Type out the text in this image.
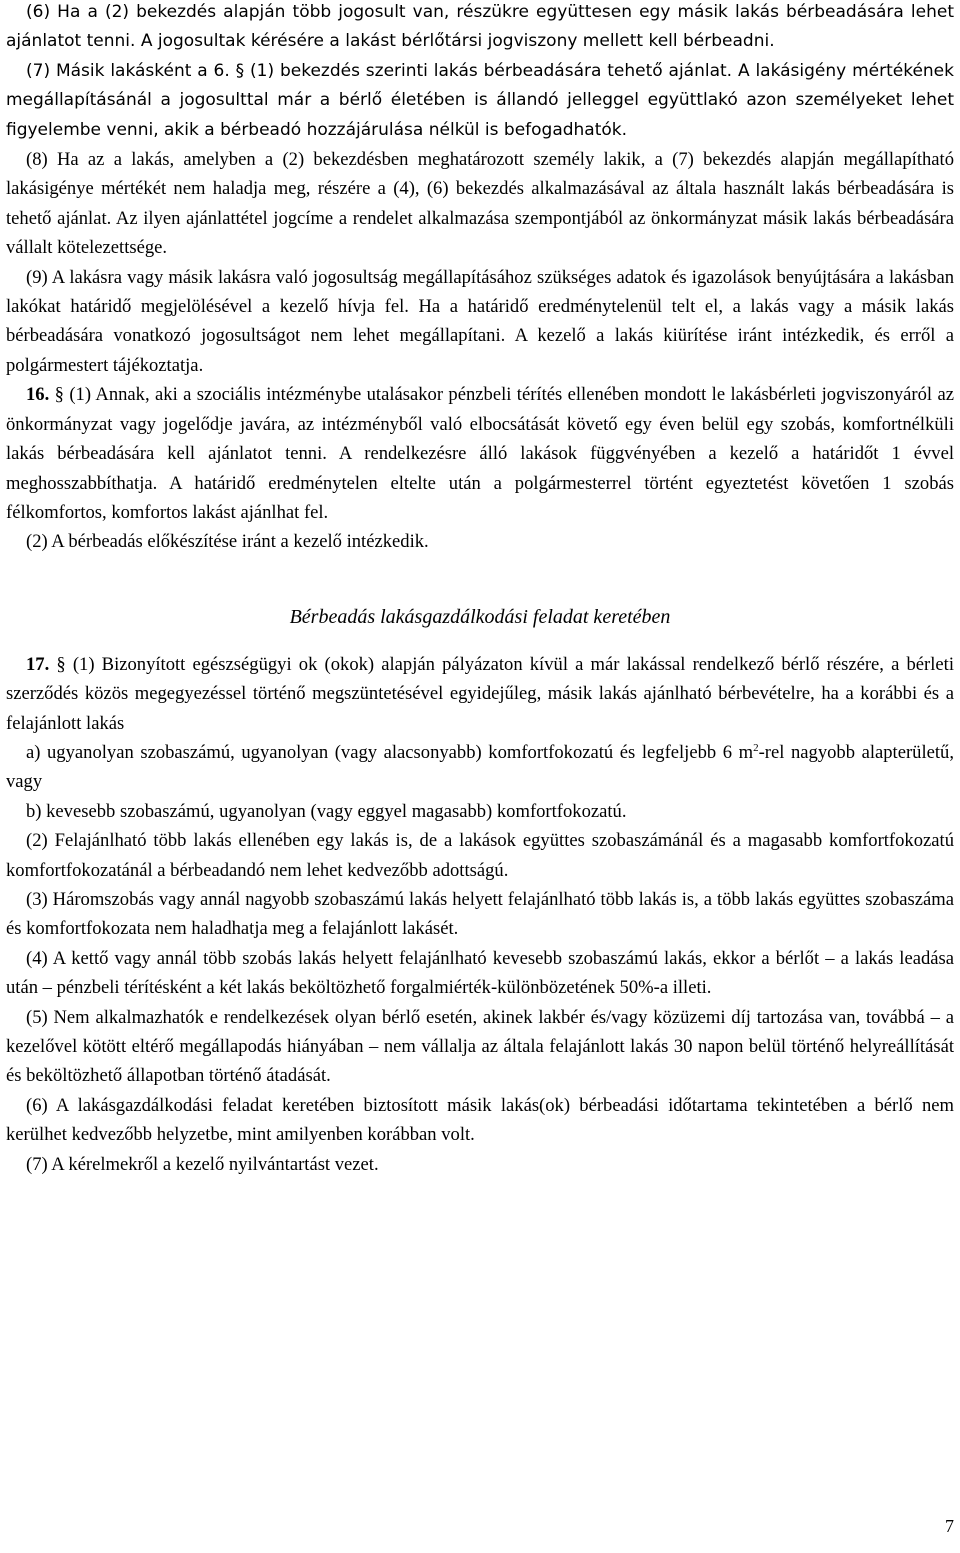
(6) Ha a (2) bekezdés alapján több jogosult van, részükre együttesen egy másik lakás bérbeadására lehet ajánlatot tenni. A jogosultak kérésére a lakást bérlőtársi jogviszony mellett kell bérbeadni.

(7) Másik lakásként a 6. § (1) bekezdés szerinti lakás bérbeadására tehető ajánlat. A lakásigény mértékének megállapításánál a jogosulttal már a bérlő életében is állandó jelleggel együttlakó azon személyeket lehet figyelembe venni, akik a bérbeadó hozzájárulása nélkül is befogadhatók.

(8) Ha az a lakás, amelyben a (2) bekezdésben meghatározott személy lakik, a (7) bekezdés alapján megállapítható lakásigénye mértékét nem haladja meg, részére a (4), (6) bekezdés alkalmazásával az általa használt lakás bérbeadására is tehető ajánlat. Az ilyen ajánlattétel jogcíme a rendelet alkalmazása szempontjából az önkormányzat másik lakás bérbeadására vállalt kötelezettsége.

(9) A lakásra vagy másik lakásra való jogosultság megállapításához szükséges adatok és igazolások benyújtására a lakásban lakókat határidő megjelölésével a kezelő hívja fel. Ha a határidő eredménytelenül telt el, a lakás vagy a másik lakás bérbeadására vonatkozó jogosultságot nem lehet megállapítani. A kezelő a lakás kiürítése iránt intézkedik, és erről a polgármestert tájékoztatja.

16. § (1) Annak, aki a szociális intézménybe utalásakor pénzbeli térítés ellenében mondott le lakásbérleti jogviszonyáról az önkormányzat vagy jogelődje javára, az intézményből való elbocsátását követő egy éven belül egy szobás, komfortnélküli lakás bérbeadására kell ajánlatot tenni. A rendelkezésre álló lakások függvényében a kezelő a határidőt 1 évvel meghosszabbíthatja. A határidő eredménytelen eltelte után a polgármesterrel történt egyeztetést követően 1 szobás félkomfortos, komfortos lakást ajánlhat fel.

(2) A bérbeadás előkészítése iránt a kezelő intézkedik.

Bérbeadás lakásgazdálkodási feladat keretében

17. § (1) Bizonyított egészségügyi ok (okok) alapján pályázaton kívül a már lakással rendelkező bérlő részére, a bérleti szerződés közös megegyezéssel történő megszüntetésével egyidejűleg, másik lakás ajánlható bérbevételre, ha a korábbi és a felajánlott lakás

a) ugyanolyan szobaszámú, ugyanolyan (vagy alacsonyabb) komfortfokozatú és legfeljebb 6 $m^2$-rel nagyobb alapterületű, vagy

b) kevesebb szobaszámú, ugyanolyan (vagy eggyel magasabb) komfortfokozatú.

(2) Felajánlható több lakás ellenében egy lakás is, de a lakások együttes szobaszámánál és a magasabb komfortfokozatú komfortfokozatánál a bérbeadandó nem lehet kedvezőbb adottságú.

(3) Háromszobás vagy annál nagyobb szobaszámú lakás helyett felajánlható több lakás is, a több lakás együttes szobaszáma és komfortfokozata nem haladhatja meg a felajánlott lakásét.

(4) A kettő vagy annál több szobás lakás helyett felajánlható kevesebb szobaszámú lakás, ekkor a bérlőt – a lakás leadása után – pénzbeli térítésként a két lakás beköltözhető forgalmiérték-különbözetének 50%-a illeti.

(5) Nem alkalmazhatók e rendelkezések olyan bérlő esetén, akinek lakbér és/vagy közüzemi díj tartozása van, továbbá – a kezelővel kötött eltérő megállapodás hiányában – nem vállalja az általa felajánlott lakás 30 napon belül történő helyreállítását és beköltözhető állapotban történő átadását.

(6) A lakásgazdálkodási feladat keretében biztosított másik lakás(ok) bérbeadási időtartama tekintetében a bérlő nem kerülhet kedvezőbb helyzetbe, mint amilyenben korábban volt.

(7) A kérelmekről a kezelő nyilvántartást vezet.

7
